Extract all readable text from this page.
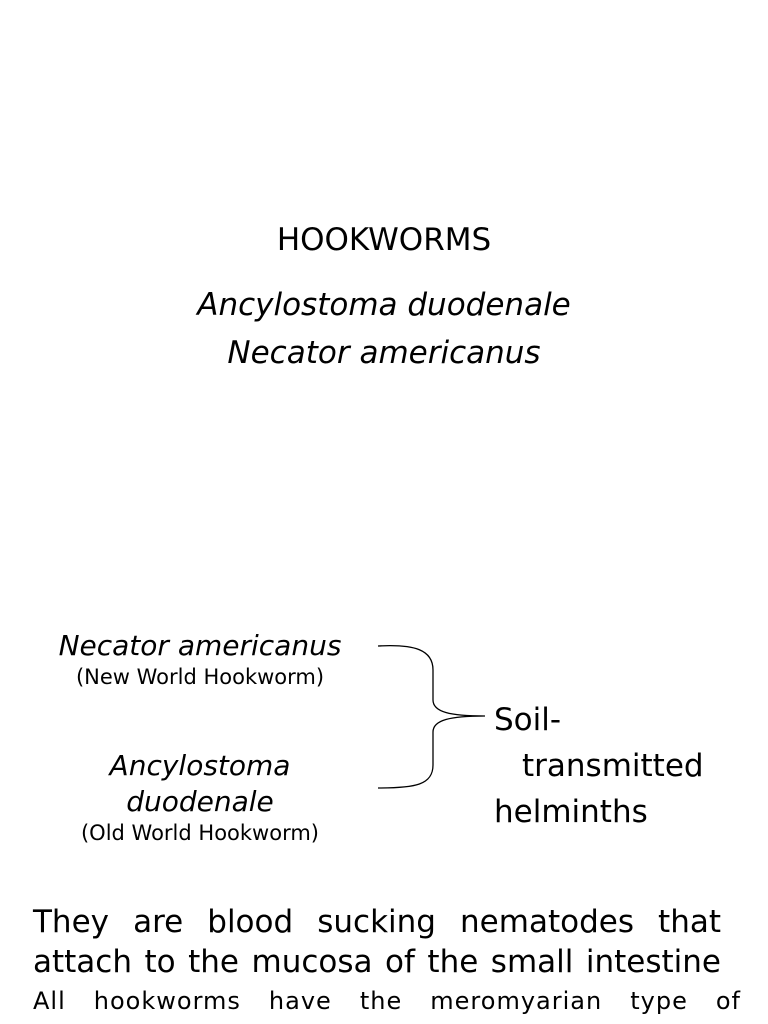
HOOKWORMS
Ancylostoma duodenale
Necator americanus
Necator americanus
(New World Hookworm)
Ancylostoma
duodenale
(Old World Hookworm)
Soil-
transmitted
helminths
They are blood sucking nematodes that attach to the mucosa of the small intestine
All hookworms have the meromyarian type of
